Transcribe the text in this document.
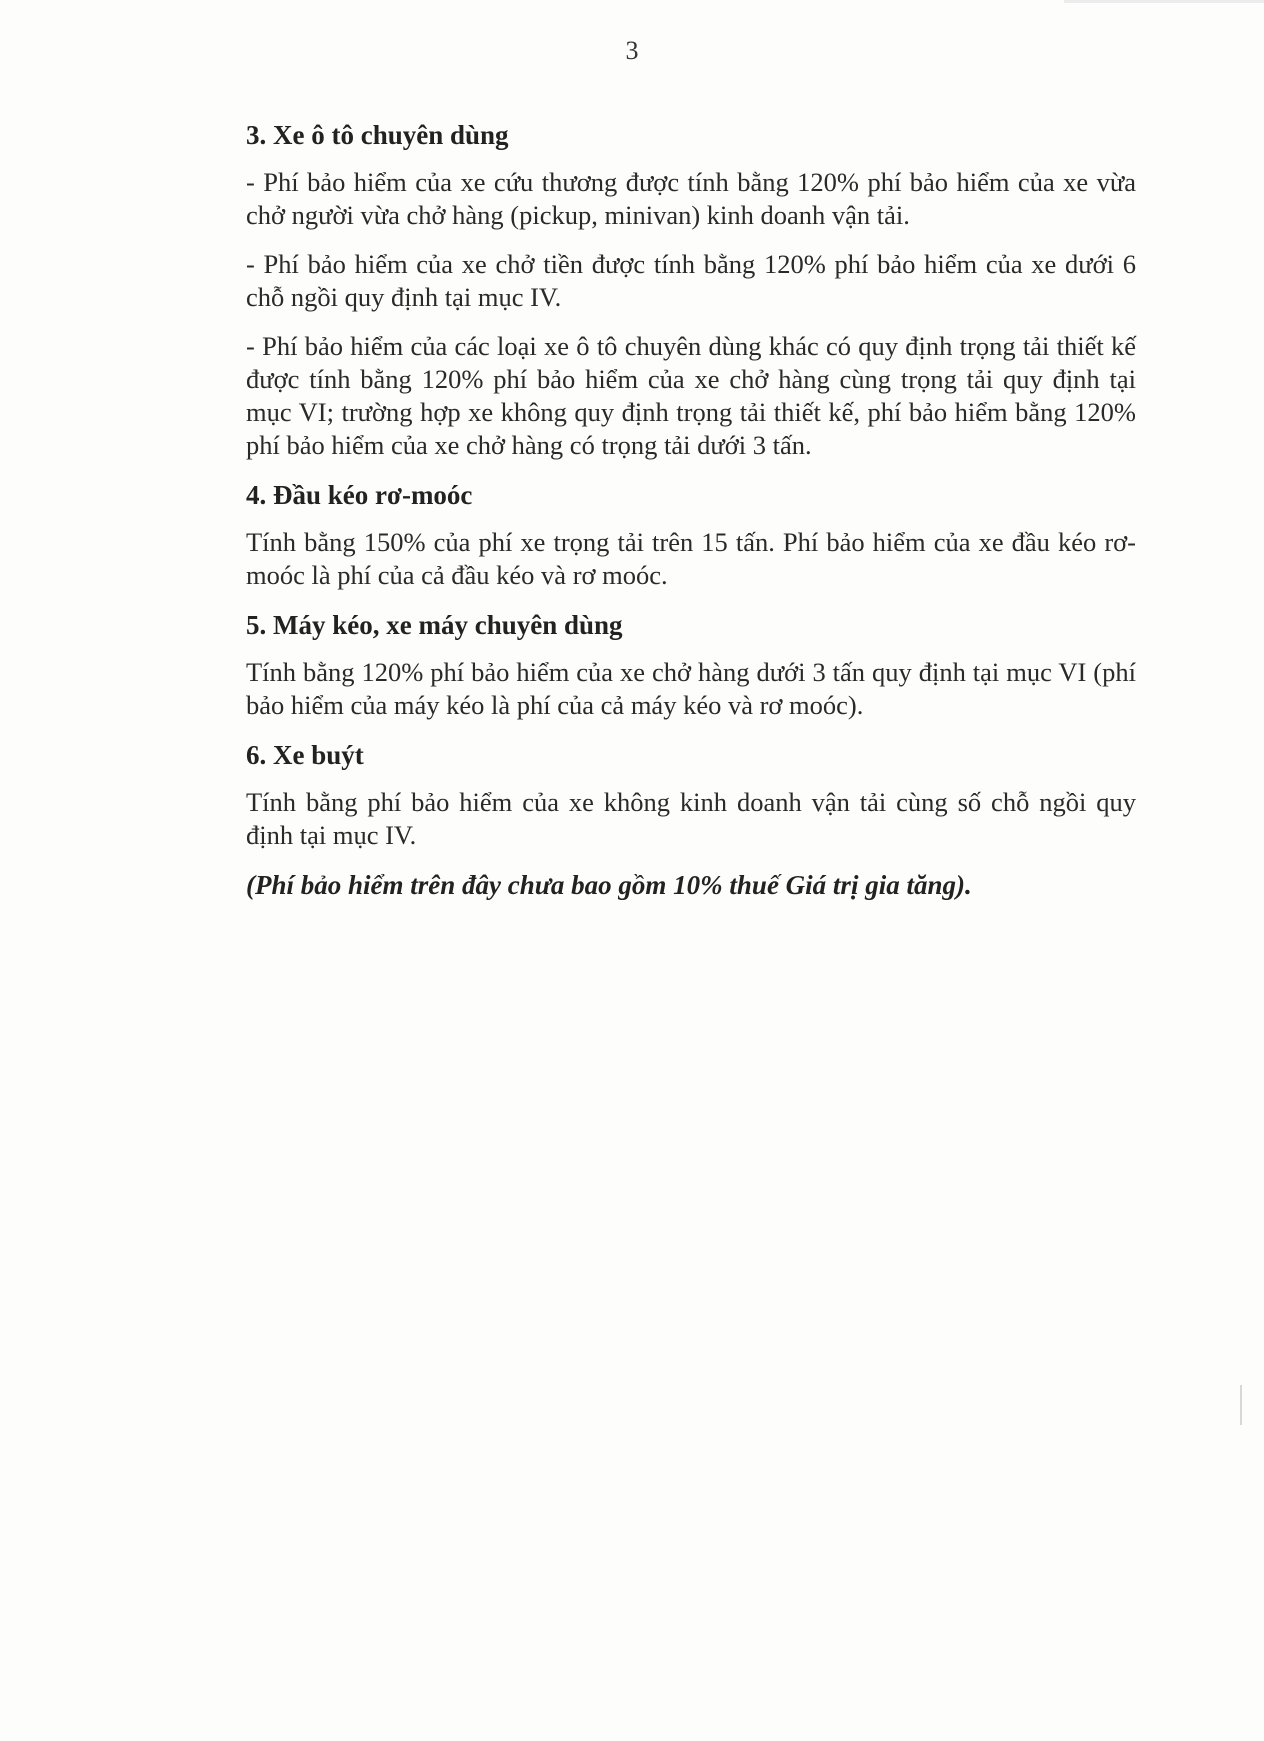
3
3. Xe ô tô chuyên dùng

- Phí bảo hiểm của xe cứu thương được tính bằng 120% phí bảo hiểm của xe vừa chở người vừa chở hàng (pickup, minivan) kinh doanh vận tải.

- Phí bảo hiểm của xe chở tiền được tính bằng 120% phí bảo hiểm của xe dưới 6 chỗ ngồi quy định tại mục IV.

- Phí bảo hiểm của các loại xe ô tô chuyên dùng khác có quy định trọng tải thiết kế được tính bằng 120% phí bảo hiểm của xe chở hàng cùng trọng tải quy định tại mục VI; trường hợp xe không quy định trọng tải thiết kế, phí bảo hiểm bằng 120% phí bảo hiểm của xe chở hàng có trọng tải dưới 3 tấn.

4. Đầu kéo rơ-moóc

Tính bằng 150% của phí xe trọng tải trên 15 tấn. Phí bảo hiểm của xe đầu kéo rơ-moóc là phí của cả đầu kéo và rơ moóc.

5. Máy kéo, xe máy chuyên dùng

Tính bằng 120% phí bảo hiểm của xe chở hàng dưới 3 tấn quy định tại mục VI (phí bảo hiểm của máy kéo là phí của cả máy kéo và rơ moóc).

6. Xe buýt

Tính bằng phí bảo hiểm của xe không kinh doanh vận tải cùng số chỗ ngồi quy định tại mục IV.

(Phí bảo hiểm trên đây chưa bao gồm 10% thuế Giá trị gia tăng).
